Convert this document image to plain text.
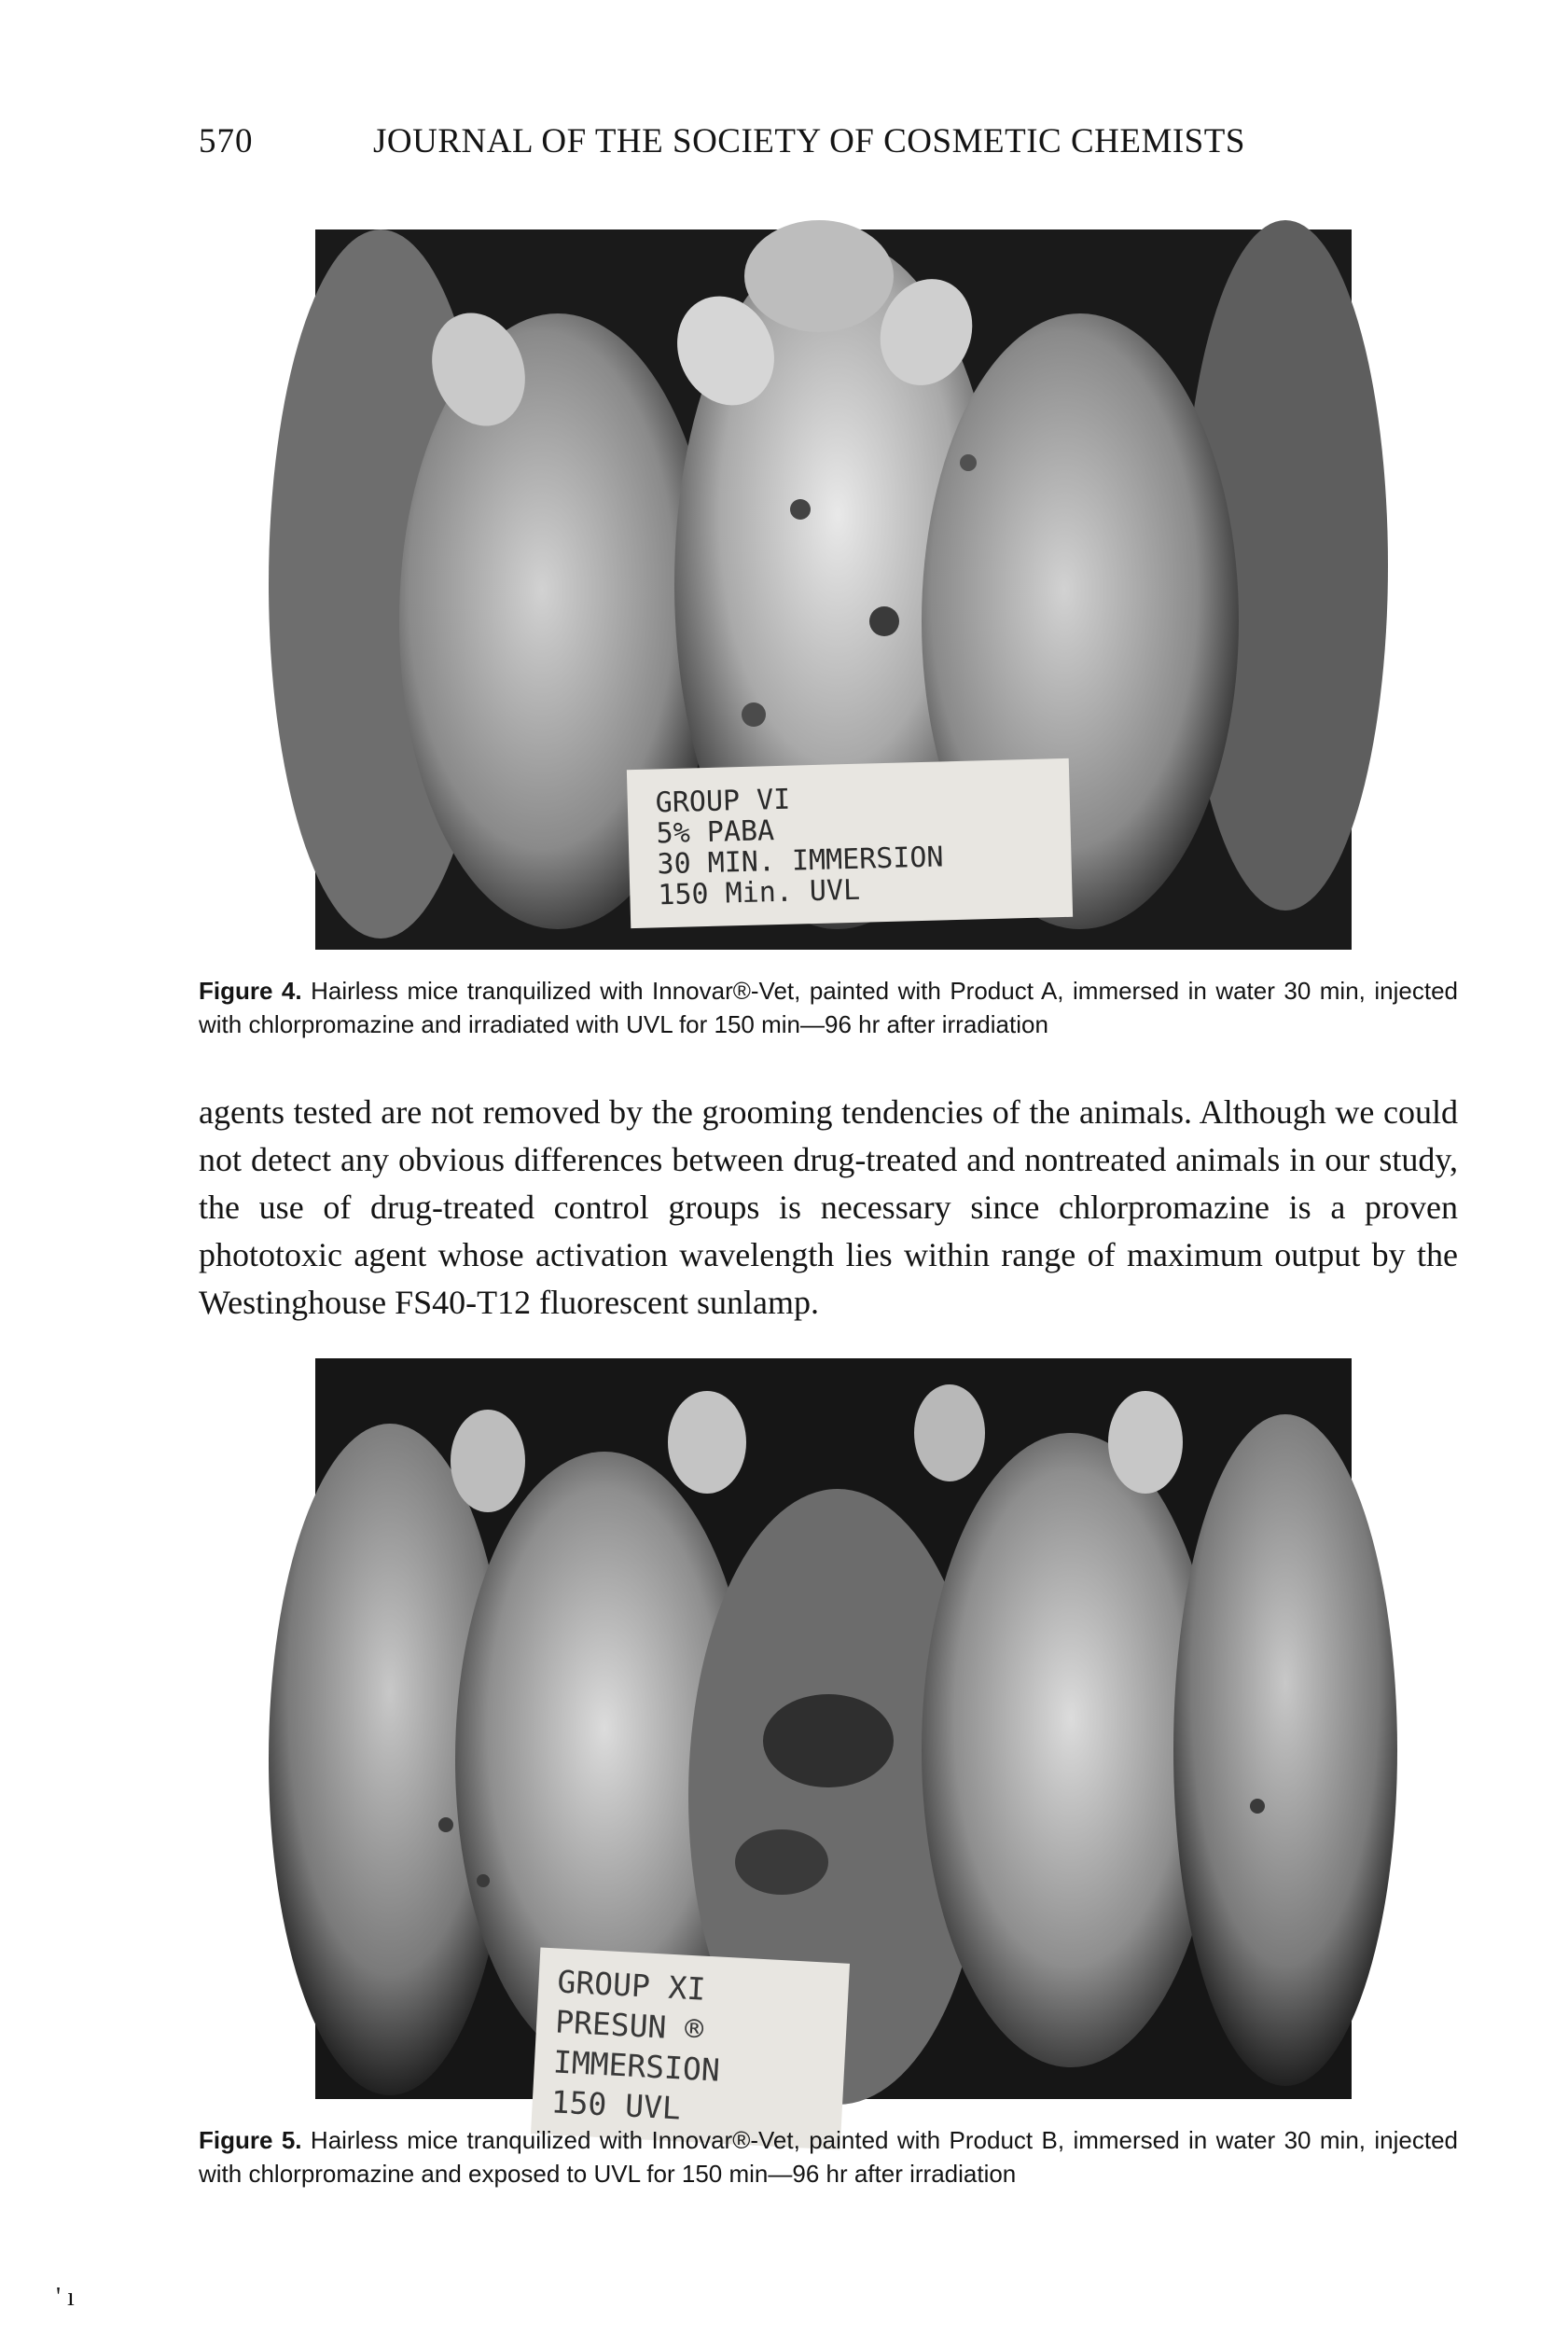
570	JOURNAL OF THE SOCIETY OF COSMETIC CHEMISTS
GROUP VI
5% PABA
30 MIN. IMMERSION
150 Min. UVL
Figure 4. Hairless mice tranquilized with Innovar®-Vet, painted with Product A, immersed in water 30 min, injected with chlorpromazine and irradiated with UVL for 150 min—96 hr after irradiation

agents tested are not removed by the grooming tendencies of the animals. Although we could not detect any obvious differences between drug-treated and nontreated animals in our study, the use of drug-treated control groups is necessary since chlorpromazine is a proven phototoxic agent whose activation wavelength lies within range of maximum output by the Westinghouse FS40-T12 fluorescent sunlamp.

GROUP XI
PRESUN ®
IMMERSION
150 UVL
Figure 5. Hairless mice tranquilized with Innovar®-Vet, painted with Product B, immersed in water 30 min, injected with chlorpromazine and exposed to UVL for 150 min—96 hr after irradiation
' ı
